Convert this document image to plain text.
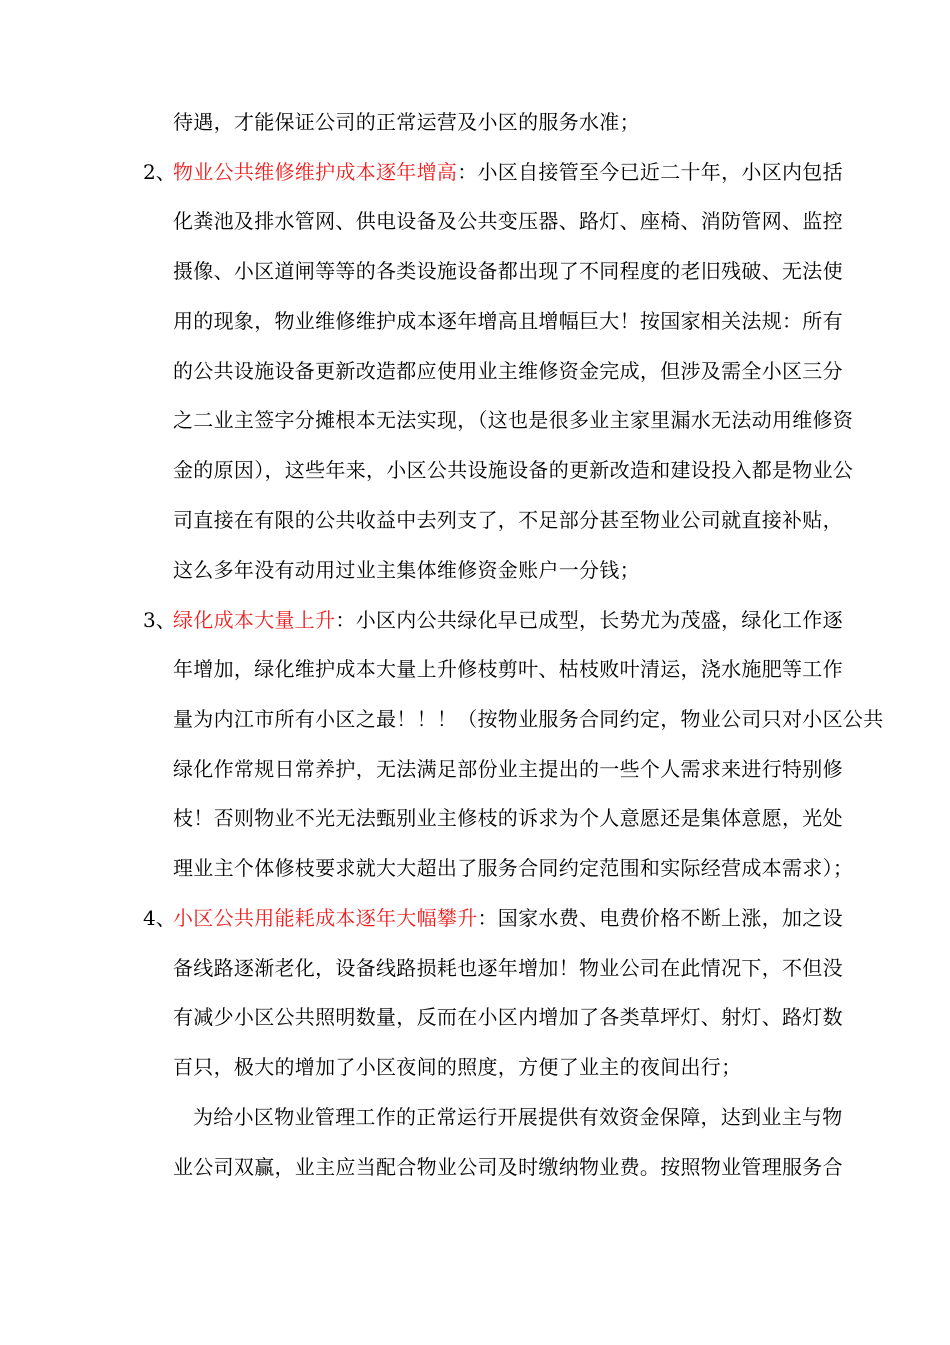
待遇，才能保证公司的正常运营及小区的服务水准；
2、
物业公共维修维护成本逐年增高：小区自接管至今已近二十年，小区内包括
化粪池及排水管网、供电设备及公共变压器、路灯、座椅、消防管网、监控
摄像、小区道闸等等的各类设施设备都出现了不同程度的老旧残破、无法使
用的现象，物业维修维护成本逐年增高且增幅巨大！按国家相关法规：所有
的公共设施设备更新改造都应使用业主维修资金完成，但涉及需全小区三分
之二业主签字分摊根本无法实现，（这也是很多业主家里漏水无法动用维修资
金的原因），这些年来，小区公共设施设备的更新改造和建设投入都是物业公
司直接在有限的公共收益中去列支了，不足部分甚至物业公司就直接补贴，
这么多年没有动用过业主集体维修资金账户一分钱；
3、
绿化成本大量上升：小区内公共绿化早已成型，长势尤为茂盛，绿化工作逐
年增加，绿化维护成本大量上升修枝剪叶、枯枝败叶清运，浇水施肥等工作
量为内江市所有小区之最！！！（按物业服务合同约定，物业公司只对小区公共
绿化作常规日常养护，无法满足部份业主提出的一些个人需求来进行特别修
枝！否则物业不光无法甄别业主修枝的诉求为个人意愿还是集体意愿，光处
理业主个体修枝要求就大大超出了服务合同约定范围和实际经营成本需求）；
4、
小区公共用能耗成本逐年大幅攀升：国家水费、电费价格不断上涨，加之设
备线路逐渐老化，设备线路损耗也逐年增加！物业公司在此情况下，不但没
有减少小区公共照明数量，反而在小区内增加了各类草坪灯、射灯、路灯数
百只，极大的增加了小区夜间的照度，方便了业主的夜间出行；
为给小区物业管理工作的正常运行开展提供有效资金保障，达到业主与物
业公司双赢，业主应当配合物业公司及时缴纳物业费。按照物业管理服务合
